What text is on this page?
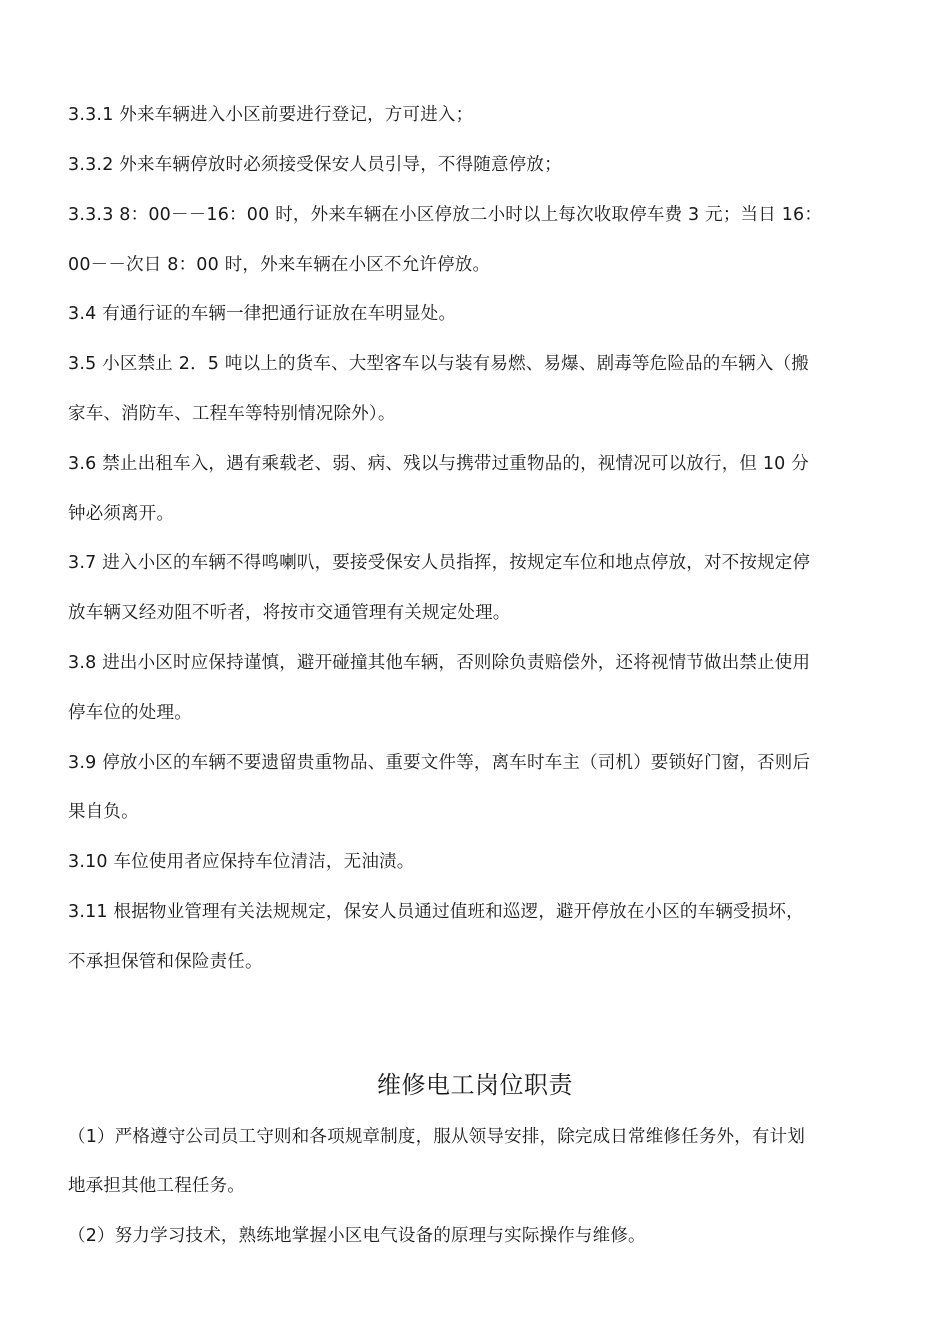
3.3.1 外来车辆进入小区前要进行登记，方可进入；
3.3.2 外来车辆停放时必须接受保安人员引导，不得随意停放；
3.3.3 8：00－－16：00 时，外来车辆在小区停放二小时以上每次收取停车费 3 元；当日 16：
00－－次日 8：00 时，外来车辆在小区不允许停放。
3.4 有通行证的车辆一律把通行证放在车明显处。
3.5 小区禁止 2．5 吨以上的货车、大型客车以与装有易燃、易爆、剧毒等危险品的车辆入（搬
家车、消防车、工程车等特别情况除外）。
3.6 禁止出租车入，遇有乘载老、弱、病、残以与携带过重物品的，视情况可以放行，但 10 分
钟必须离开。
3.7 进入小区的车辆不得鸣喇叭，要接受保安人员指挥，按规定车位和地点停放，对不按规定停
放车辆又经劝阻不听者，将按市交通管理有关规定处理。
3.8 进出小区时应保持谨慎，避开碰撞其他车辆，否则除负责赔偿外，还将视情节做出禁止使用
停车位的处理。
3.9 停放小区的车辆不要遗留贵重物品、重要文件等，离车时车主（司机）要锁好门窗，否则后
果自负。
3.10 车位使用者应保持车位清洁，无油渍。
3.11 根据物业管理有关法规规定，保安人员通过值班和巡逻，避开停放在小区的车辆受损坏，
不承担保管和保险责任。
维修电工岗位职责
（1）严格遵守公司员工守则和各项规章制度，服从领导安排，除完成日常维修任务外，有计划
地承担其他工程任务。
（2）努力学习技术，熟练地掌握小区电气设备的原理与实际操作与维修。
